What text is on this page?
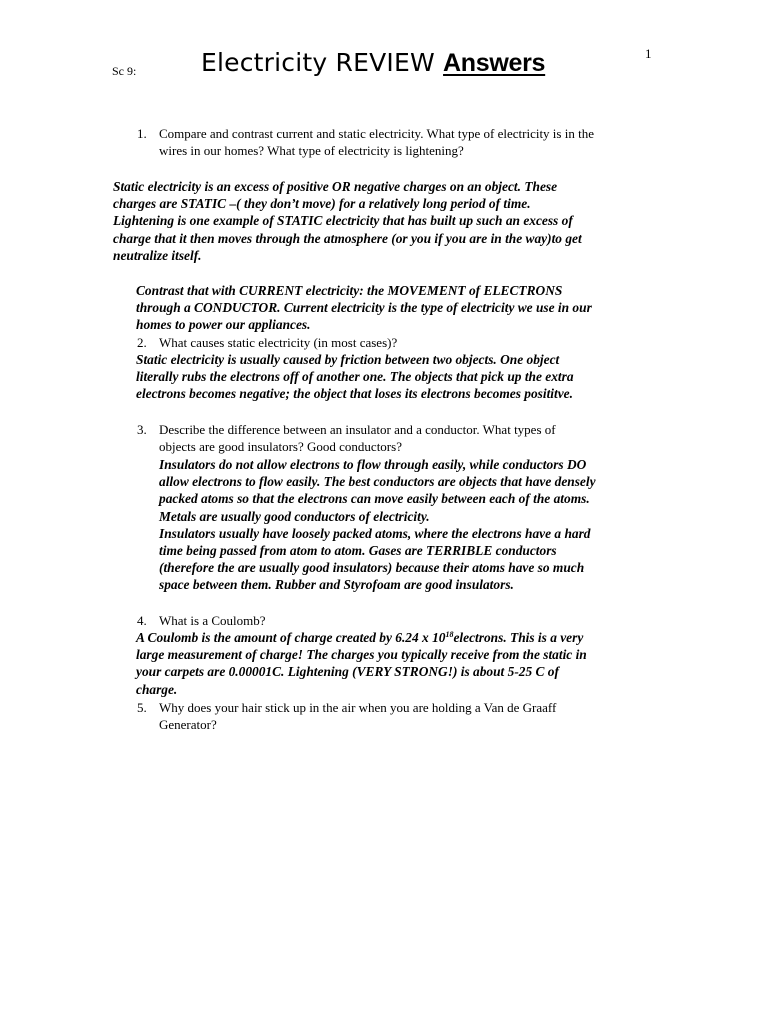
Sc 9:	Electricity REVIEW Answers	1
1. Compare and contrast current and static electricity. What type of electricity is in the
wires in our homes? What type of electricity is lightening?
Static electricity is an excess of positive OR negative charges on an object. These
charges are STATIC –( they don’t move) for a relatively long period of time.
Lightening is one example of STATIC electricity that has built up such an excess of
charge that it then moves through the atmosphere (or you if you are in the way)to get
neutralize itself.
Contrast that with CURRENT electricity: the MOVEMENT of ELECTRONS
through a CONDUCTOR. Current electricity is the type of electricity we use in our
homes to power our appliances.
2. What causes static electricity (in most cases)?
Static electricity is usually caused by friction between two objects. One object
literally rubs the electrons off of another one. The objects that pick up the extra
electrons becomes negative; the object that loses its electrons becomes posititve.
3. Describe the difference between an insulator and a conductor. What types of
objects are good insulators? Good conductors?
Insulators do not allow electrons to flow through easily, while conductors DO
allow electrons to flow easily. The best conductors are objects that have densely
packed atoms so that the electrons can move easily between each of the atoms.
Metals are usually good conductors of electricity.
Insulators usually have loosely packed atoms, where the electrons have a hard
time being passed from atom to atom. Gases are TERRIBLE conductors
(therefore the are usually good insulators) because their atoms have so much
space between them. Rubber and Styrofoam are good insulators.
4. What is a Coulomb?
A Coulomb is the amount of charge created by 6.24 x $10^{18}electrons$. This is a very
large measurement of charge! The charges you typically receive from the static in
your carpets are 0.00001C. Lightening (VERY STRONG!) is about 5-25 C of
charge.
5. Why does your hair stick up in the air when you are holding a Van de Graaff
Generator?
